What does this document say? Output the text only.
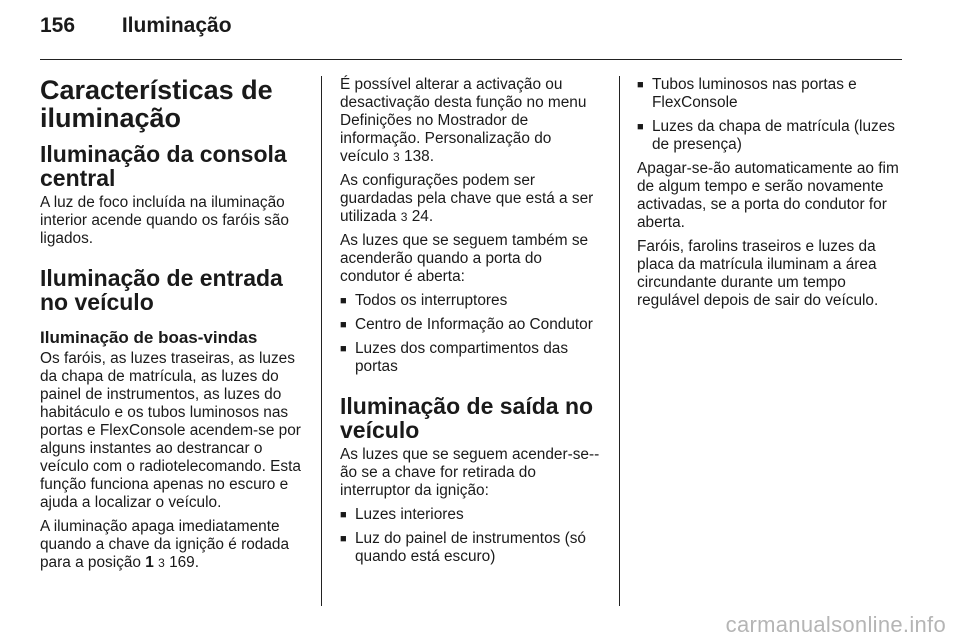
156 Iluminação
Características de iluminação
Iluminação da consola central

A luz de foco incluída na iluminação interior acende quando os faróis são ligados.

Iluminação de entrada no veículo
Iluminação de boas-vindas

Os faróis, as luzes traseiras, as luzes da chapa de matrícula, as luzes do painel de instrumentos, as luzes do habitáculo e os tubos luminosos nas portas e FlexConsole acendem-se por alguns instantes ao destrancar o veículo com o radiotelecomando. Esta função funciona apenas no escuro e ajuda a localizar o veículo.

A iluminação apaga imediatamente quando a chave da ignição é rodada para a posição 1 3 169.

É possível alterar a activação ou desactivação desta função no menu Definições no Mostrador de informação. Personalização do veículo 3 138.

As configurações podem ser guardadas pela chave que está a ser utilizada 3 24.

As luzes que se seguem também se acenderão quando a porta do condutor é aberta:

■ Todos os interruptores
■ Centro de Informação ao Condutor
■ Luzes dos compartimentos das portas
Iluminação de saída no veículo

As luzes que se seguem acender-se--ão se a chave for retirada do interruptor da ignição:

■ Luzes interiores
■ Luz do painel de instrumentos (só quando está escuro)
■ Tubos luminosos nas portas e FlexConsole
■ Luzes da chapa de matrícula (luzes de presença)

Apagar-se-ão automaticamente ao fim de algum tempo e serão novamente activadas, se a porta do condutor for aberta.

Faróis, farolins traseiros e luzes da placa da matrícula iluminam a área circundante durante um tempo regulável depois de sair do veículo.

carmanualsonline.info
